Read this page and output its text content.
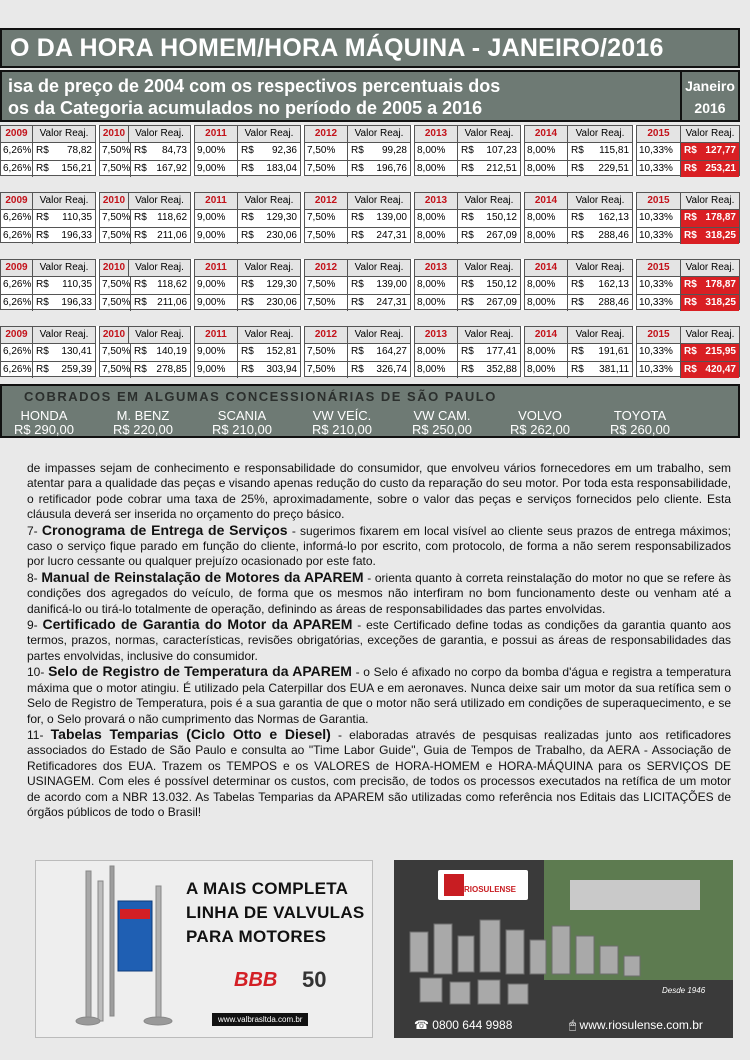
O DA HORA HOMEM/HORA MÁQUINA - JANEIRO/2016
isa de preço de 2004 com os respectivos percentuais dos
os da Categoria acumulados no período de 2005 a 2016
Janeiro
2016
2009	Valor Reaj.
6,26% R$ 78,82
6,26% R$ 156,21
2010	Valor Reaj.
7,50% R$ 84,73
7,50% R$ 167,92
2011	Valor Reaj.
9,00%	R$ 92,36
9,00%	R$ 183,04
2012	Valor Reaj.
7,50%	R$ 99,28
7,50%	R$ 196,76
2013	Valor Reaj.
8,00%	R$ 107,23
8,00%	R$ 212,51
2014	Valor Reaj.
8,00%	R$ 115,81
8,00%	R$ 229,51
2015	Valor Reaj.
10,33%	R$ 127,77
10,33%	R$ 253,21
2009	Valor Reaj.
6,26% R$ 110,35
6,26% R$ 196,33
2010	Valor Reaj.
7,50% R$ 118,62
7,50% R$ 211,06
2011	Valor Reaj.
9,00%	R$ 129,30
9,00%	R$ 230,06
2012	Valor Reaj.
7,50%	R$ 139,00
7,50%	R$ 247,31
2013	Valor Reaj.
8,00%	R$ 150,12
8,00%	R$ 267,09
2014	Valor Reaj.
8,00%	R$ 162,13
8,00%	R$ 288,46
2015	Valor Reaj.
10,33%	R$ 178,87
10,33%	R$ 318,25
2009	Valor Reaj.
6,26% R$ 110,35
6,26% R$ 196,33
2010	Valor Reaj.
7,50% R$ 118,62
7,50% R$ 211,06
2011	Valor Reaj.
9,00%	R$ 129,30
9,00%	R$ 230,06
2012	Valor Reaj.
7,50%	R$ 139,00
7,50%	R$ 247,31
2013	Valor Reaj.
8,00%	R$ 150,12
8,00%	R$ 267,09
2014	Valor Reaj.
8,00%	R$ 162,13
8,00%	R$ 288,46
2015	Valor Reaj.
10,33%	R$ 178,87
10,33%	R$ 318,25
2009	Valor Reaj.
6,26% R$ 130,41
6,26% R$ 259,39
2010	Valor Reaj.
7,50% R$ 140,19
7,50% R$ 278,85
2011	Valor Reaj.
9,00%	R$ 152,81
9,00%	R$ 303,94
2012	Valor Reaj.
7,50%	R$ 164,27
7,50%	R$ 326,74
2013	Valor Reaj.
8,00%	R$ 177,41
8,00%	R$ 352,88
2014	Valor Reaj.
8,00%	R$ 191,61
8,00%	R$ 381,11
2015	Valor Reaj.
10,33%	R$ 215,95
10,33%	R$ 420,47
COBRADOS EM ALGUMAS CONCESSIONÁRIAS DE SÃO PAULO
HONDA
R$ 290,00
M. BENZ
R$ 220,00
SCANIA
R$ 210,00
VW VEÍC.
R$ 210,00
VW CAM.
R$ 250,00
VOLVO
R$ 262,00
TOYOTA
R$ 260,00

de impasses sejam de conhecimento e responsabilidade do consumidor, que envolveu vários fornecedores em um trabalho, sem atentar para a qualidade das peças e visando apenas redução do custo da reparação do seu motor. Por toda esta responsabilidade, o retificador pode cobrar uma taxa de 25%, aproximadamente, sobre o valor das peças e serviços fornecidos pelo cliente. Esta cláusula deverá ser inserida no orçamento do preço básico.

7- Cronograma de Entrega de Serviços - sugerimos fixarem em local visível ao cliente seus prazos de entrega máximos; caso o serviço fique parado em função do cliente, informá-lo por escrito, com protocolo, de forma a não serem responsabilizados por lucro cessante ou qualquer prejuízo ocasionado por este fato.

8- Manual de Reinstalação de Motores da APAREM - orienta quanto à correta reinstalação do motor no que se refere às condições dos agregados do veículo, de forma que os mesmos não interfiram no bom funcionamento deste ou venham até a danificá-lo ou tirá-lo totalmente de operação, definindo as áreas de responsabilidades das partes envolvidas.

9- Certificado de Garantia do Motor da APAREM - este Certificado define todas as condições da garantia quanto aos termos, prazos, normas, características, revisões obrigatórias, exceções de garantia, e possui as áreas de responsabilidades das partes envolvidas, inclusive do consumidor.

10- Selo de Registro de Temperatura da APAREM - o Selo é afixado no corpo da bomba d'água e registra a temperatura máxima que o motor atingiu. É utilizado pela Caterpillar dos EUA e em aeronaves. Nunca deixe sair um motor da sua retífica sem o Selo de Registro de Temperatura, pois é a sua garantia de que o motor não será utilizado em condições de superaquecimento, e se for, o Selo provará o não cumprimento das Normas de Garantia.

11- Tabelas Temparias (Ciclo Otto e Diesel) - elaboradas através de pesquisas realizadas junto aos retificadores associados do Estado de São Paulo e consulta ao "Time Labor Guide", Guia de Tempos de Trabalho, da AERA - Associação de Retificadores dos EUA. Trazem os TEMPOS e os VALORES de HORA-HOMEM e HORA-MÁQUINA para os SERVIÇOS DE USINAGEM. Com eles é possível determinar os custos, com precisão, de todos os processos executados na retífica de um motor de acordo com a NBR 13.032. As Tabelas Temparias da APAREM são utilizadas como referência nos Editais das LICITAÇÕES de órgãos públicos de todo o Brasil!

A MAIS COMPLETA
LINHA DE VALVULAS
PARA MOTORES
BBB 50
www.valbrasltda.com.br
RIOSULENSE
Desde 1946
☎ 0800 644 9988	🖱 www.riosulense.com.br
